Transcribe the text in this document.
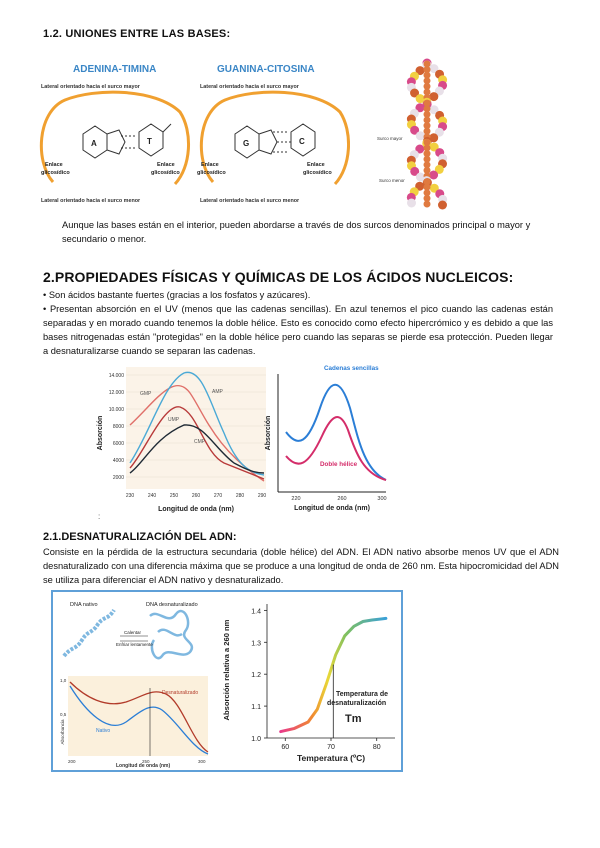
1.2. UNIONES ENTRE LAS BASES:
ADENINA-TIMINA	GUANINA-CITOSINA
Lateral orientado hacia el surco mayor	Lateral orientado hacia el surco mayor
Lateral orientado hacia el surco menor	Lateral orientado hacia el surco menor
A	T	G	C
Enlace
glicosídico
Enlace
glicosídico
Enlace
glicosídico
Enlace
glicosídico
Surco mayor
Surco menor

Aunque las bases están en el interior, pueden abordarse a través de dos surcos denominados principal o mayor y secundario o menor.

2.PROPIEDADES FÍSICAS Y QUÍMICAS DE LOS ÁCIDOS NUCLEICOS:

• Son ácidos bastante fuertes (gracias a los fosfatos y azúcares).

• Presentan absorción en el UV (menos que las cadenas sencillas). En azul tenemos el pico cuando las cadenas están separadas y en morado cuando tenemos la doble hélice. Esto es conocido como efecto hipercrómico y es debido a que las bases nitrogenadas están "protegidas" en la doble hélice pero cuando las separas se pierde esa protección. Pueden llegar a desnaturalizarse cuando se separan las cadenas.

14.000
12.000
10.000
8000
6000
4000
2000
230	240	250	260	270	280	290
Absorción
Longitud de onda (nm)
GMP	AMP
UMP
CMP
220	260	300
Absorción
Longitud de onda (nm)
Cadenas sencillas
Doble hélice
:
2.1.DESNATURALIZACIÓN DEL ADN:

Consiste en la pérdida de la estructura secundaria (doble hélice) del ADN. El ADN nativo absorbe menos UV que el ADN desnaturalizado con una diferencia máxima que se produce a una longitud de onda de 260 nm. Esta hipocromicidad del ADN se utiliza para diferenciar el ADN nativo y desnaturalizado.

DNA nativo	DNA desnaturalizado
Calentar
Enfriar lentamente
1,0
0,5
Absorbancia
Desnaturalizado
Nativo
200	250	300
Longitud de onda (nm)
1.4
1.3
1.2
1.1
1.0
60	70	80
Absorción relativa a 260 nm
Temperatura (ºC)
Temperatura de desnaturalización
Tm
